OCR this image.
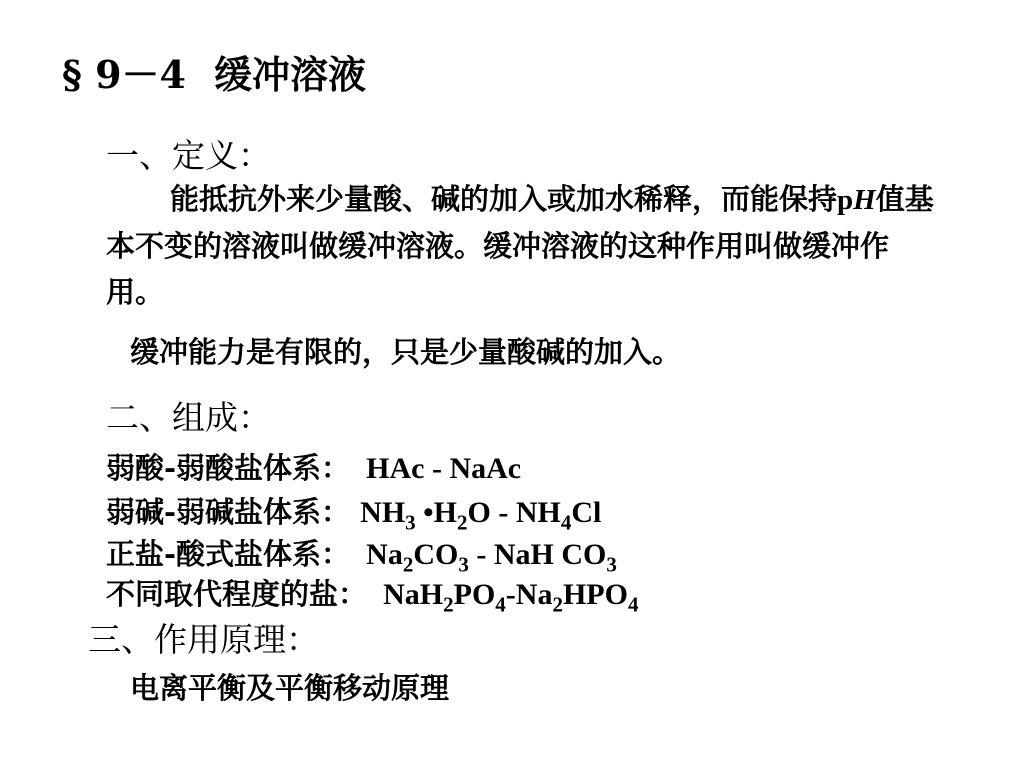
§ 9－4 缓冲溶液
一、定义：
能抵抗外来少量酸、碱的加入或加水稀释，而能保持pH值基本不变的溶液叫做缓冲溶液。缓冲溶液的这种作用叫做缓冲作用。
缓冲能力是有限的，只是少量酸碱的加入。
二、组成：
弱酸-弱酸盐体系： HAc - NaAc
弱碱-弱碱盐体系： $NH_3$ $•H_2O - NH_4Cl$
正盐-酸式盐体系： $Na_2CO_3$ - NaH $CO_3$
不同取代程度的盐： $NaH_2PO_4-Na_2HPO_4$
三、作用原理：
电离平衡及平衡移动原理
